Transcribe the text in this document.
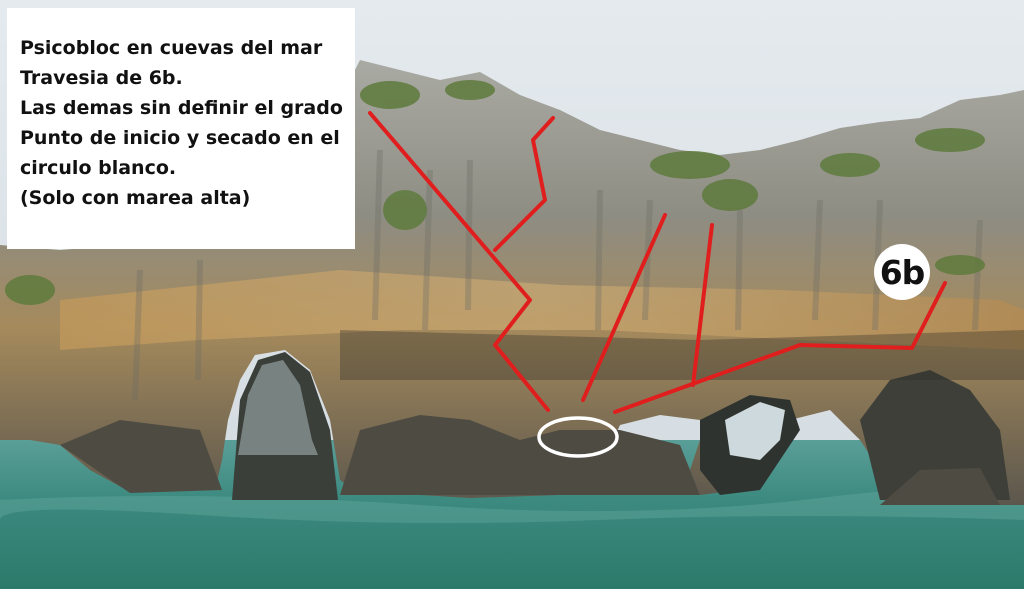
Psicobloc en cuevas del mar
Travesia de 6b.
Las demas sin definir el grado
Punto de inicio y secado en el
circulo blanco.
(Solo con marea alta)
6b
